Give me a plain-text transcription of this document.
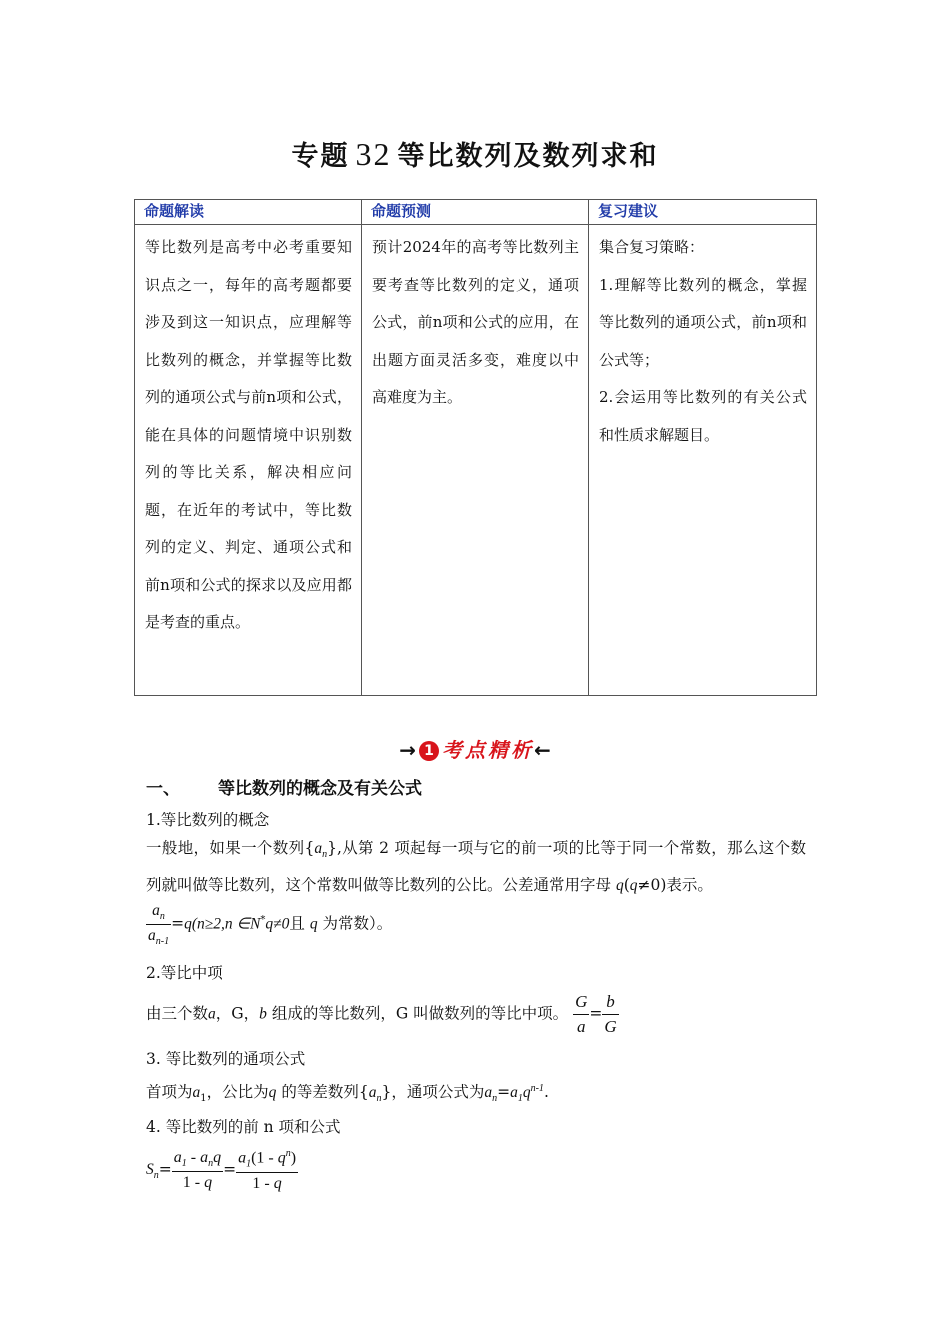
专题 32 等比数列及数列求和
命题解读	命题预测	复习建议
等比数列是高考中必考重要知识点之一，每年的高考题都要涉及到这一知识点，应理解等比数列的概念，并掌握等比数列的通项公式与前n项和公式，能在具体的问题情境中识别数列的等比关系，解决相应问题，在近年的考试中，等比数列的定义、判定、通项公式和前n项和公式的探求以及应用都是考查的重点。	预计2024年的高考等比数列主要考查等比数列的定义，通项公式，前n项和公式的应用，在出题方面灵活多变，难度以中高难度为主。	集合复习策略：
1.理解等比数列的概念，掌握等比数列的通项公式，前n项和公式等；
2.会运用等比数列的有关公式和性质求解题目。
→ 1 考点精析←
一、 等比数列的概念及有关公式
1.等比数列的概念
一般地，如果一个数列$\{a_n\}$,从第 2 项起每一项与它的前一项的比等于同一个常数，那么这个数列就叫做等比数列，这个常数叫做等比数列的公比。公差通常用字母 q(q≠0)表示。
$\frac{a_n}{a_{n-1}} =q(n\ge 2,n$ ∈N*q≠0且 q 为常数）。
2.等比中项
由三个数a，G，b 组成的等比数列，G 叫做数列的等比中项。 $\frac{G}{a} = \frac{b}{G}$
3. 等比数列的通项公式
首项为$a_1$，公比为q 的等差数列$\{a_n\}$，通项公式为$a_n=a_1q^{n-1}$.
4. 等比数列的前 n 项和公式
$S_n= \frac{a_1 - a_nq}{1 - q} = \frac{a_1(1 - q^n)}{1 - q}$
